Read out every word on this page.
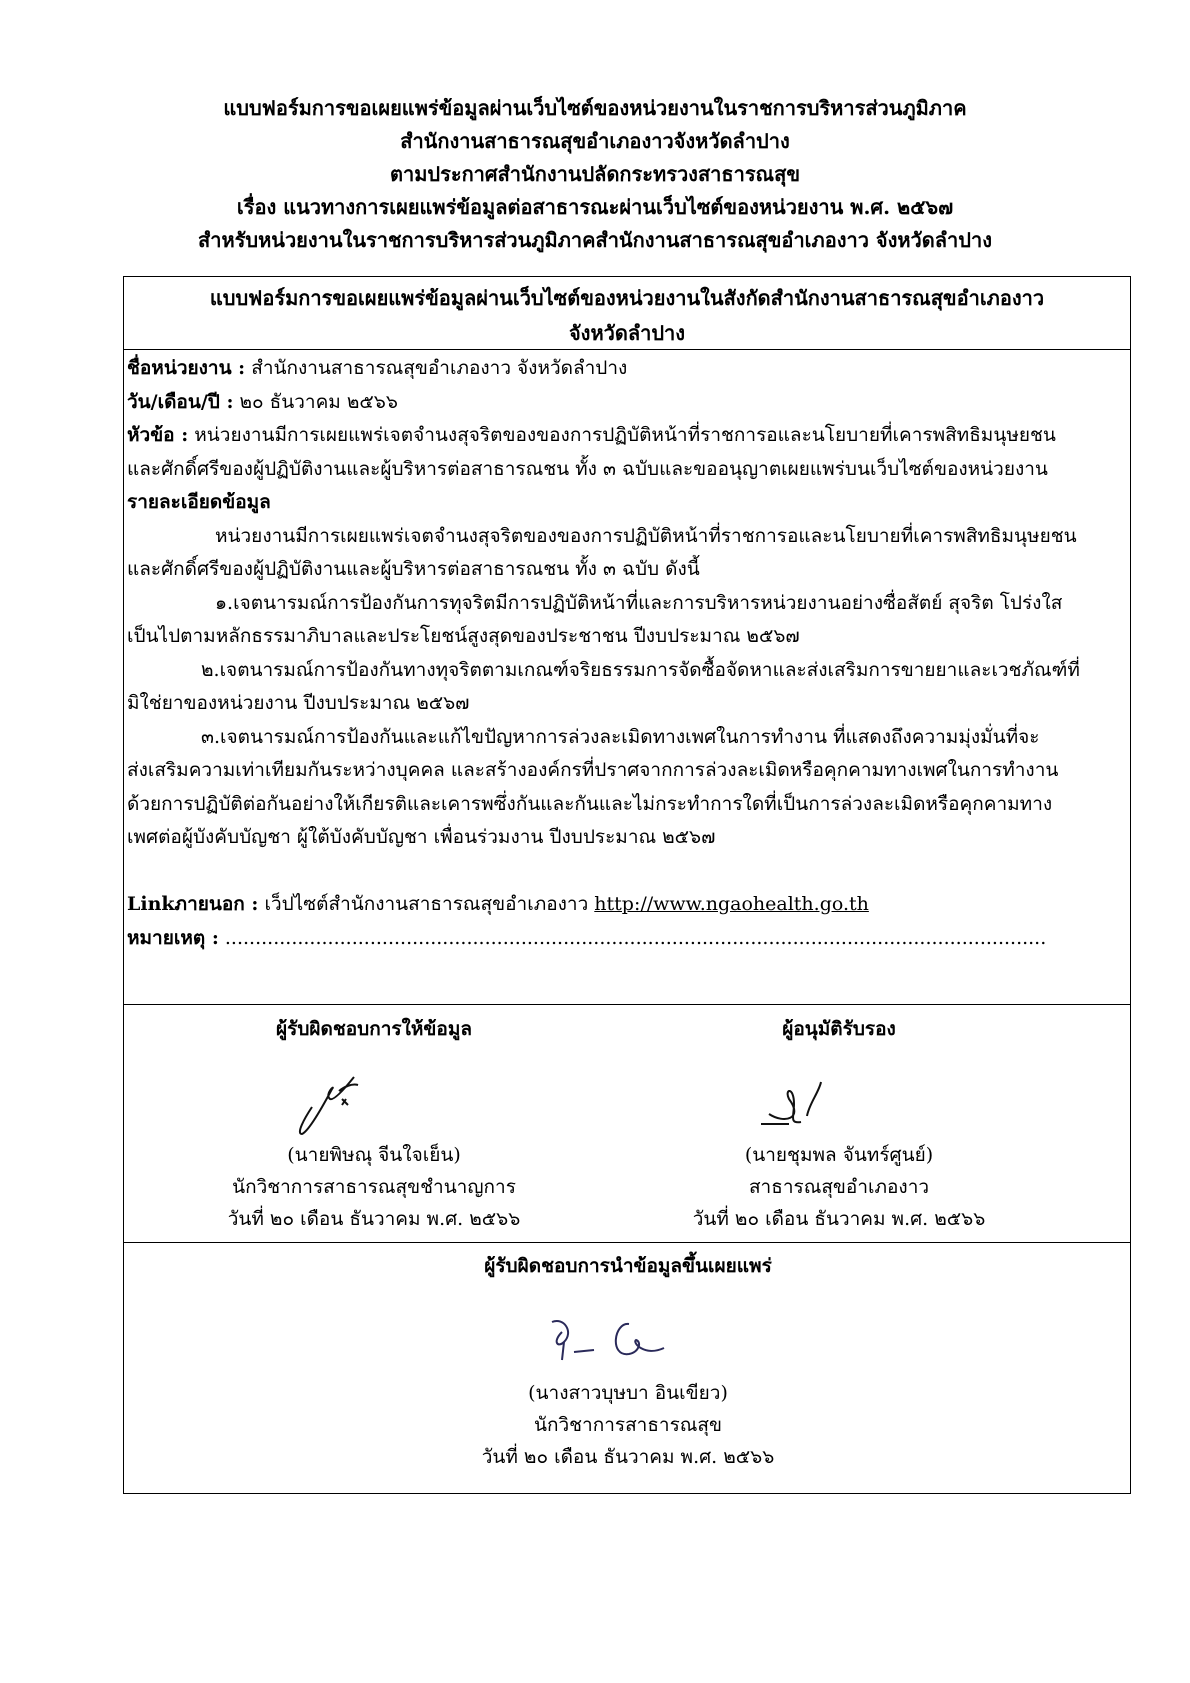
แบบฟอร์มการขอเผยแพร่ข้อมูลผ่านเว็บไซต์ของหน่วยงานในราชการบริหารส่วนภูมิภาค
สำนักงานสาธารณสุขอำเภองาวจังหวัดลำปาง
ตามประกาศสำนักงานปลัดกระทรวงสาธารณสุข
เรื่อง แนวทางการเผยแพร่ข้อมูลต่อสาธารณะผ่านเว็บไซต์ของหน่วยงาน พ.ศ. ๒๕๖๗
สำหรับหน่วยงานในราชการบริหารส่วนภูมิภาคสำนักงานสาธารณสุขอำเภองาว จังหวัดลำปาง
แบบฟอร์มการขอเผยแพร่ข้อมูลผ่านเว็บไซต์ของหน่วยงานในสังกัดสำนักงานสาธารณสุขอำเภองาว
จังหวัดลำปาง
ชื่อหน่วยงาน : สำนักงานสาธารณสุขอำเภองาว จังหวัดลำปาง
วัน/เดือน/ปี : ๒๐ ธันวาคม ๒๕๖๖
หัวข้อ : หน่วยงานมีการเผยแพร่เจตจำนงสุจริตของของการปฏิบัติหน้าที่ราชการอและนโยบายที่เคารพสิทธิมนุษยชน
และศักดิ์ศรีของผู้ปฏิบัติงานและผู้บริหารต่อสาธารณชน ทั้ง ๓ ฉบับและขออนุญาตเผยแพร่บนเว็บไซต์ของหน่วยงาน
รายละเอียดข้อมูล
หน่วยงานมีการเผยแพร่เจตจำนงสุจริตของของการปฏิบัติหน้าที่ราชการอและนโยบายที่เคารพสิทธิมนุษยชน
และศักดิ์ศรีของผู้ปฏิบัติงานและผู้บริหารต่อสาธารณชน ทั้ง ๓ ฉบับ ดังนี้
๑.เจตนารมณ์การป้องกันการทุจริตมีการปฏิบัติหน้าที่และการบริหารหน่วยงานอย่างซื่อสัตย์ สุจริต โปร่งใส
เป็นไปตามหลักธรรมาภิบาลและประโยชน์สูงสุดของประชาชน ปีงบประมาณ ๒๕๖๗
๒.เจตนารมณ์การป้องกันทางทุจริตตามเกณฑ์จริยธรรมการจัดซื้อจัดหาและส่งเสริมการขายยาและเวชภัณฑ์ที่
มิใช่ยาของหน่วยงาน ปีงบประมาณ ๒๕๖๗
๓.เจตนารมณ์การป้องกันและแก้ไขปัญหาการล่วงละเมิดทางเพศในการทำงาน ที่แสดงถึงความมุ่งมั่นที่จะ
ส่งเสริมความเท่าเทียมกันระหว่างบุคคล และสร้างองค์กรที่ปราศจากการล่วงละเมิดหรือคุกคามทางเพศในการทำงาน
ด้วยการปฏิบัติต่อกันอย่างให้เกียรติและเคารพซึ่งกันและกันและไม่กระทำการใดที่เป็นการล่วงละเมิดหรือคุกคามทาง
เพศต่อผู้บังคับบัญชา ผู้ใต้บังคับบัญชา เพื่อนร่วมงาน ปีงบประมาณ ๒๕๖๗

Linkภายนอก : เว็ปไซต์สำนักงานสาธารณสุขอำเภองาว http://www.ngaohealth.go.th
หมายเหตุ : ........................................................................................................................................
ผู้รับผิดชอบการให้ข้อมูล
(นายพิษณุ จีนใจเย็น)
นักวิชาการสาธารณสุขชำนาญการ
วันที่ ๒๐ เดือน ธันวาคม พ.ศ. ๒๕๖๖
ผู้อนุมัติรับรอง
(นายชุมพล จันทร์ศูนย์)
สาธารณสุขอำเภองาว
วันที่ ๒๐ เดือน ธันวาคม พ.ศ. ๒๕๖๖
ผู้รับผิดชอบการนำข้อมูลขึ้นเผยแพร่
(นางสาวบุษบา อินเขียว)
นักวิชาการสาธารณสุข
วันที่ ๒๐ เดือน ธันวาคม พ.ศ. ๒๕๖๖
